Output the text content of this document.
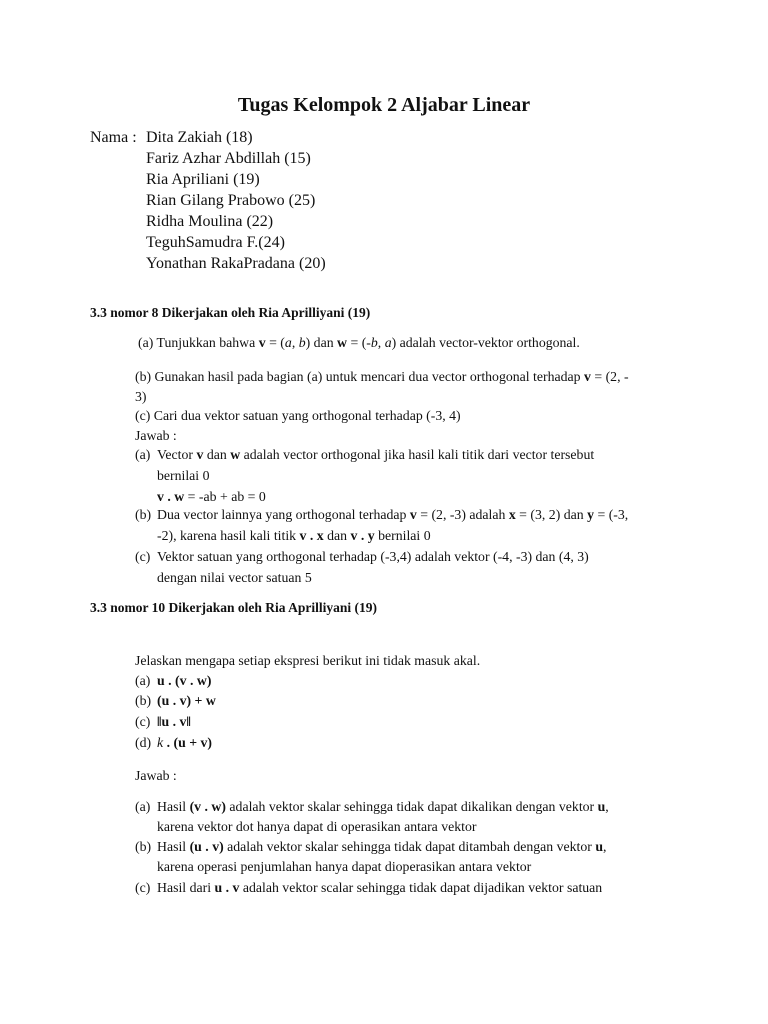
Tugas Kelompok 2 Aljabar Linear
Nama : Dita Zakiah (18)
Fariz Azhar Abdillah (15)
Ria Apriliani (19)
Rian Gilang Prabowo (25)
Ridha Moulina (22)
TeguhSamudra F.(24)
Yonathan RakaPradana (20)
3.3 nomor 8 Dikerjakan oleh Ria Aprilliyani (19)
(a) Tunjukkan bahwa v = (a, b) dan w = (-b, a) adalah vector-vektor orthogonal.
(b) Gunakan hasil pada bagian (a) untuk mencari dua vector orthogonal terhadap v = (2, -
3)
(c) Cari dua vektor satuan yang orthogonal terhadap (-3, 4)
Jawab :
(a) Vector v dan w adalah vector orthogonal jika hasil kali titik dari vector tersebut
bernilai 0
v . w = -ab + ab = 0
(b) Dua vector lainnya yang orthogonal terhadap v = (2, -3) adalah x = (3, 2) dan y = (-3,
-2), karena hasil kali titik v . x dan v . y bernilai 0
(c) Vektor satuan yang orthogonal terhadap (-3,4) adalah vektor (-4, -3) dan (4, 3)
dengan nilai vector satuan 5
3.3 nomor 10 Dikerjakan oleh Ria Aprilliyani (19)
Jelaskan mengapa setiap ekspresi berikut ini tidak masuk akal.
(a) u . (v . w)
(b) (u . v) + w
(c) ‖u . v‖
(d) k . (u + v)
Jawab :
(a) Hasil (v . w) adalah vektor skalar sehingga tidak dapat dikalikan dengan vektor u,
karena vektor dot hanya dapat di operasikan antara vektor
(b) Hasil (u . v) adalah vektor skalar sehingga tidak dapat ditambah dengan vektor u,
karena operasi penjumlahan hanya dapat dioperasikan antara vektor
(c) Hasil dari u . v adalah vektor scalar sehingga tidak dapat dijadikan vektor satuan
